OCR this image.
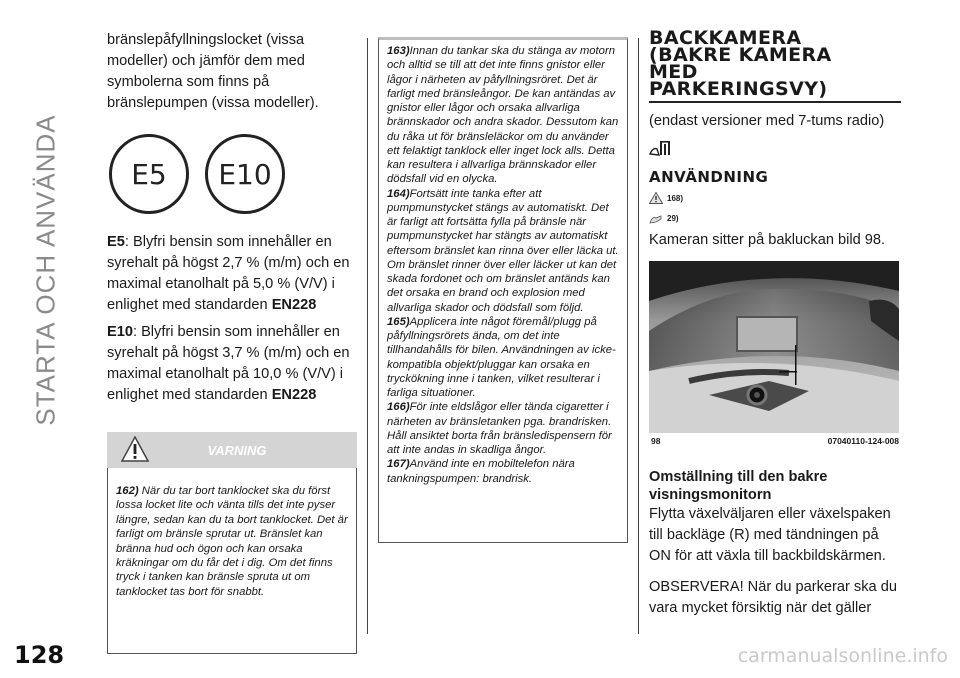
STARTA OCH ANVÄNDA

bränslepåfyllningslocket (vissa modeller) och jämför dem med symbolerna som finns på bränslepumpen (vissa modeller).

E5	E10

E5: Blyfri bensin som innehåller en syrehalt på högst 2,7 % (m/m) och en maximal etanolhalt på 5,0 % (V/V) i enlighet med standarden EN228

E10: Blyfri bensin som innehåller en syrehalt på högst 3,7 % (m/m) och en maximal etanolhalt på 10,0 % (V/V) i enlighet med standarden EN228

VARNING
162) När du tar bort tanklocket ska du först lossa locket lite och vänta tills det inte pyser längre, sedan kan du ta bort tanklocket. Det är farligt om bränsle sprutar ut. Bränslet kan bränna hud och ögon och kan orsaka kräkningar om du får det i dig. Om det finns tryck i tanken kan bränsle spruta ut om tanklocket tas bort för snabbt.

163)Innan du tankar ska du stänga av motorn och alltid se till att det inte finns gnistor eller lågor i närheten av påfyllningsröret. Det är farligt med bränsleångor. De kan antändas av gnistor eller lågor och orsaka allvarliga brännskador och andra skador. Dessutom kan du råka ut för bränsleläckor om du använder ett felaktigt tanklock eller inget lock alls. Detta kan resultera i allvarliga brännskador eller dödsfall vid en olycka.

164)Fortsätt inte tanka efter att pumpmunstycket stängs av automatiskt. Det är farligt att fortsätta fylla på bränsle när pumpmunstycket har stängts av automatiskt eftersom bränslet kan rinna över eller läcka ut. Om bränslet rinner över eller läcker ut kan det skada fordonet och om bränslet antänds kan det orsaka en brand och explosion med allvarliga skador och dödsfall som följd.

165)Applicera inte något föremål/plugg på påfyllningsrörets ända, om det inte tillhandahålls för bilen. Användningen av icke-kompatibla objekt/pluggar kan orsaka en tryckökning inne i tanken, vilket resulterar i farliga situationer.

166)För inte eldslågor eller tända cigaretter i närheten av bränsletanken pga. brandrisken. Håll ansiktet borta från bränsledispensern för att inte andas in skadliga ångor.

167)Använd inte en mobiltelefon nära tankningspumpen: brandrisk.

BACKKAMERA
(BAKRE KAMERA
MED
PARKERINGSVY)

(endast versioner med 7-tums radio)

ANVÄNDNING
168)
29)

Kameran sitter på bakluckan bild 98.

98	07040110-124-008

Omställning till den bakre visningsmonitorn

Flytta växelväljaren eller växelspaken till backläge (R) med tändningen på ON för att växla till backbildskärmen.

OBSERVERA! När du parkerar ska du vara mycket försiktig när det gäller

128	carmanualsonline.info
